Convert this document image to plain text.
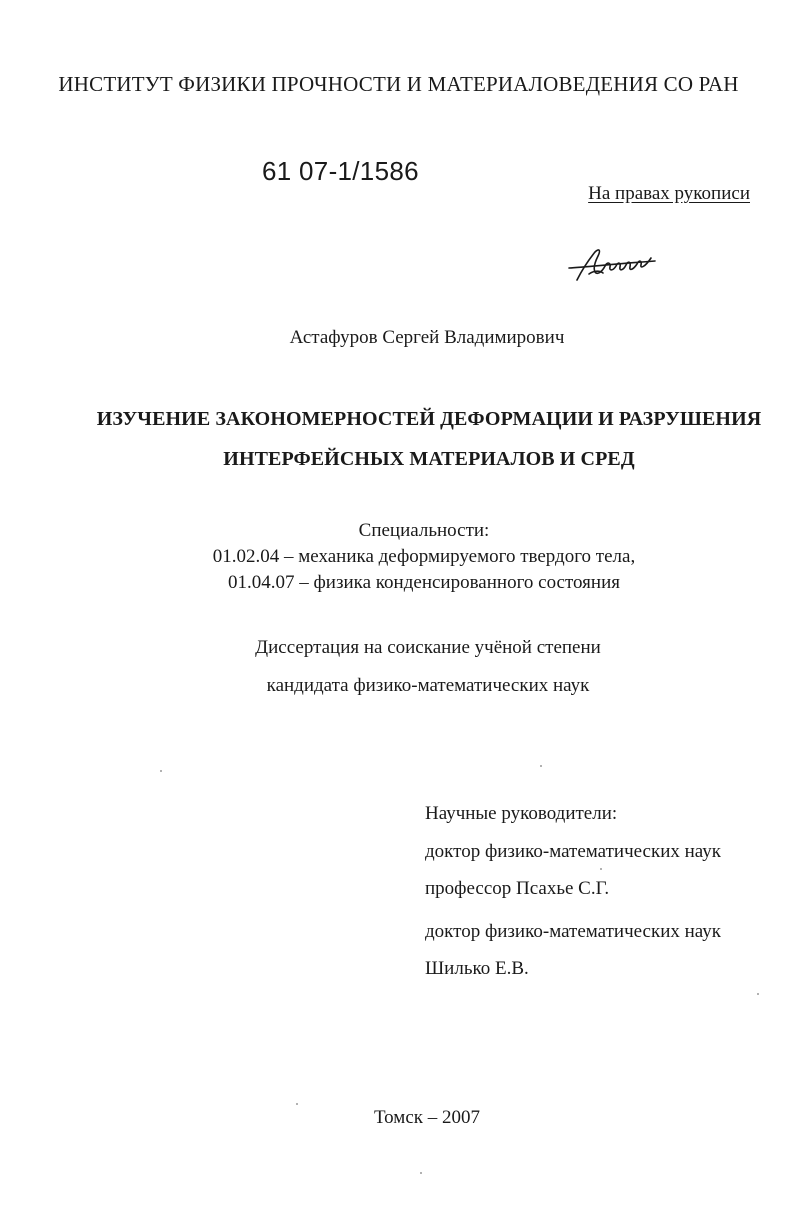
ИНСТИТУТ ФИЗИКИ ПРОЧНОСТИ И МАТЕРИАЛОВЕДЕНИЯ СО РАН
61 07-1/1586
На правах рукописи
Астафуров Сергей Владимирович
ИЗУЧЕНИЕ ЗАКОНОМЕРНОСТЕЙ ДЕФОРМАЦИИ И РАЗРУШЕНИЯ
ИНТЕРФЕЙСНЫХ МАТЕРИАЛОВ И СРЕД
Специальности:
01.02.04 – механика деформируемого твердого тела,
01.04.07 – физика конденсированного состояния
Диссертация на соискание учёной степени
кандидата физико-математических наук
Научные руководители:
доктор физико-математических наук
профессор Псахье С.Г.
доктор физико-математических наук
Шилько Е.В.
Томск – 2007
